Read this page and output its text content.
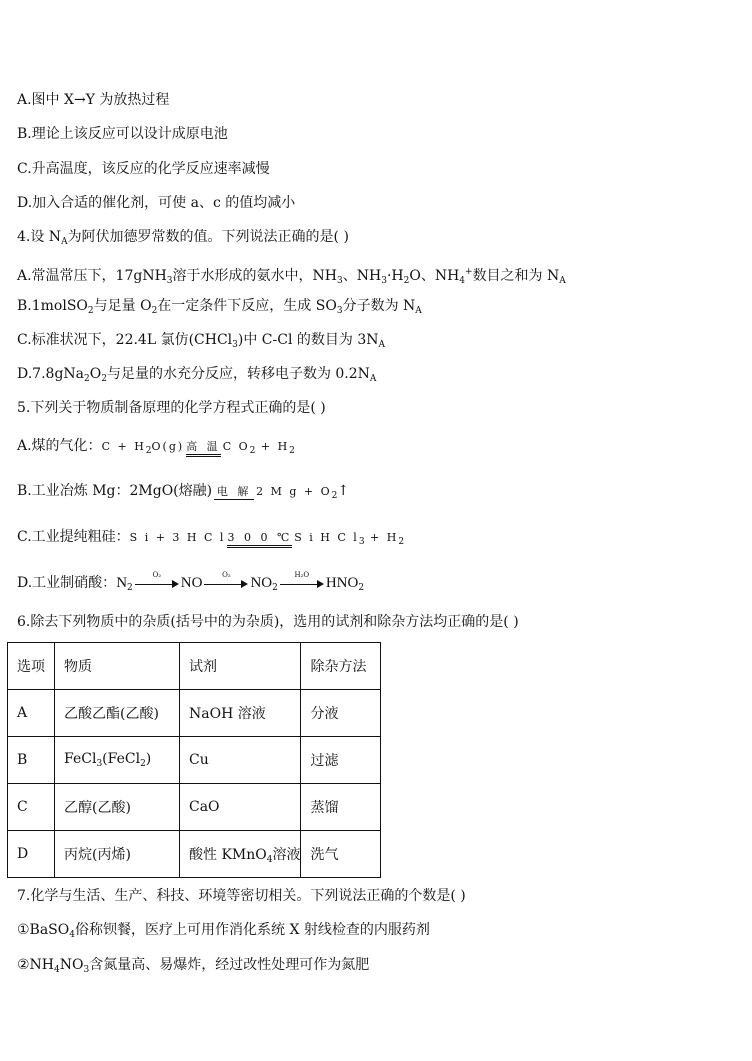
A.图中 X→Y 为放热过程
B.理论上该反应可以设计成原电池
C.升高温度，该反应的化学反应速率减慢
D.加入合适的催化剂，可使 a、c 的值均减小
4.设 $N_A$为阿伏加德罗常数的值。下列说法正确的是( )
A.常温常压下，17gNH$_3$溶于水形成的氨水中，$NH_3$、$NH_3\cdot H_2O$、$NH_4^+$数目之和为 $N_A$
B.1molSO$_2$与足量 $O_2$在一定条件下反应，生成 $SO_3$分子数为 $N_A$
C.标准状况下，22.4L 氯仿(CHCl$_3$)中 C-Cl 的数目为 $3N_A$
$D.7.8gNa_2O_2$与足量的水充分反应，转移电子数为 $0.2N_A$
5.下列关于物质制备原理的化学方程式正确的是( )
A.煤的气化：$C + H_2O(g)$ 高 温 C $O_2 + H_2$
B.工业冶炼 Mg：2MgO(熔融) 电 解 2 M $g + O_2↑$
C.工业提纯粗硅：S i + 3 H C l 3 0 0 ℃ S i H C $l_3 + H_2$
D.工业制硝酸：$N_2$
O₂	NO	O₂	$NO_2$
H₂O	$HNO_2$
6.除去下列物质中的杂质(括号中的为杂质)，选用的试剂和除杂方法均正确的是( )
选项	物质	试剂	除杂方法
A	乙酸乙酯(乙酸)	NaOH 溶液	分液
B	FeCl$_3$(FeCl$_2$)	Cu	过滤
C	乙醇(乙酸)	CaO	蒸馏
D	丙烷(丙烯)	酸性 KMnO$_4$溶液	洗气
7.化学与生活、生产、科技、环境等密切相关。下列说法正确的个数是( )
①BaSO$_4$俗称钡餐，医疗上可用作消化系统 X 射线检查的内服药剂
$②NH_4NO_3$含氮量高、易爆炸，经过改性处理可作为氮肥
